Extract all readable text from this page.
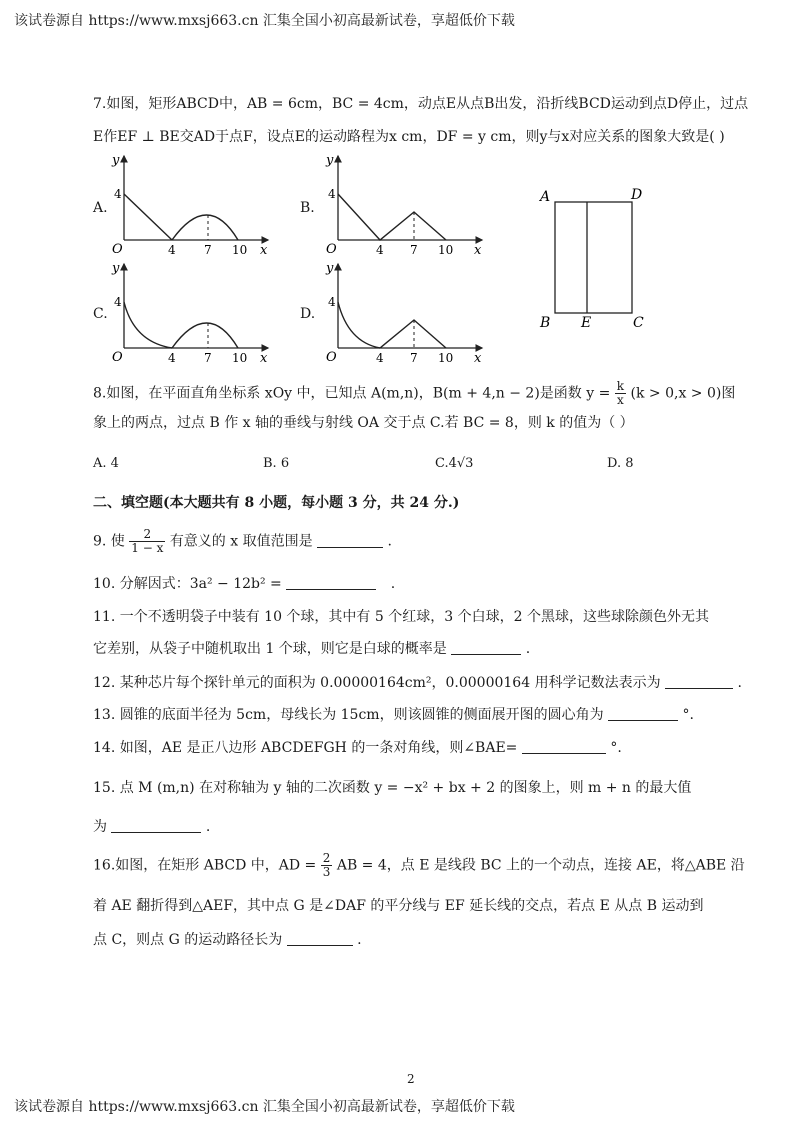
该试卷源自 https://www.mxsj663.cn 汇集全国小初高最新试卷，享超低价下载
该试卷源自 https://www.mxsj663.cn 汇集全国小初高最新试卷，享超低价下载
7.如图，矩形ABCD中，AB = 6cm，BC = 4cm，动点E从点B出发，沿折线BCD运动到点D停止，过点
E作EF ⊥ BE交AD于点F，设点E的运动路程为x cm，DF = y cm，则y与x对应关系的图象大致是( )
A.	B.
C.	D.
y
x
O
4
4 7 10
y
x
O
4
4 7 10
y
x
O
4
4 7 10
y
x
O
4
4 7 10
A	D
B E	C
8.如图，在平面直角坐标系 xOy 中，已知点 A(m,n)，B(m + 4,n − 2)是函数 $y = \frac{k}{x} (k > 0,x > 0)$图
象上的两点，过点 B 作 x 轴的垂线与射线 OA 交于点 C.若 BC = 8，则 k 的值为（ ）
A. 4	B. 6	C.4√3	D. 8
二、填空题(本大题共有 8 小题，每小题 3 分，共 24 分.)
9. 使 $\frac{2}{1 - x}$ 有意义的 x 取值范围是	.
10. 分解因式：3a² − 12b² =	.
11. 一个不透明袋子中装有 10 个球，其中有 5 个红球，3 个白球，2 个黑球，这些球除颜色外无其
它差别，从袋子中随机取出 1 个球，则它是白球的概率是	.
12. 某种芯片每个探针单元的面积为 0.00000164cm²，0.00000164 用科学记数法表示为	.
13. 圆锥的底面半径为 5cm，母线长为 15cm，则该圆锥的侧面展开图的圆心角为	°.
14. 如图，AE 是正八边形 ABCDEFGH 的一条对角线，则∠BAE=	°.
15. 点 M (m,n) 在对称轴为 y 轴的二次函数 y = −x² + bx + 2 的图象上，则 m + n 的最大值
为	.
16.如图，在矩形 ABCD 中，AD = $\frac{2}{3}$ AB = 4，点 E 是线段 BC 上的一个动点，连接 AE，将△ABE 沿
着 AE 翻折得到△AEF，其中点 G 是∠DAF 的平分线与 EF 延长线的交点，若点 E 从点 B 运动到
点 C，则点 G 的运动路径长为	.
2
